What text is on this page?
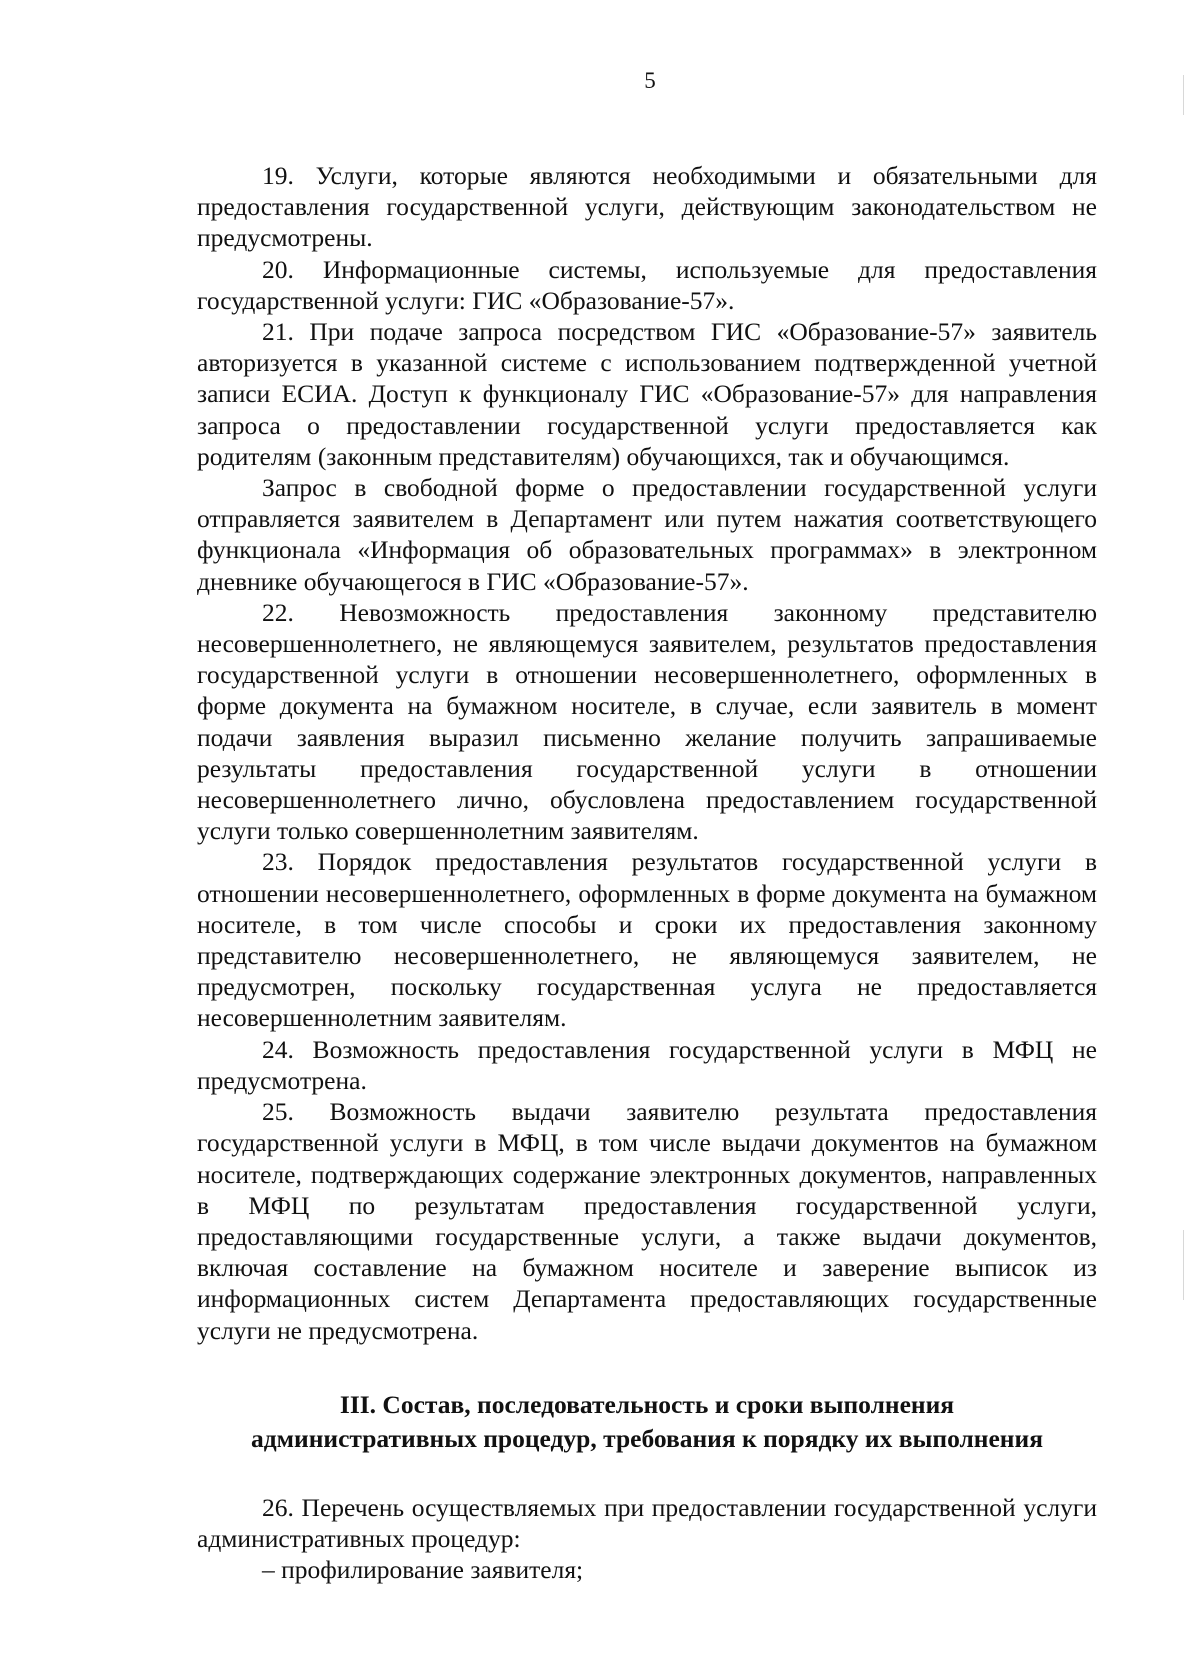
5

19. Услуги, которые являются необходимыми и обязательными для предоставления государственной услуги, действующим законодательством не предусмотрены.

20. Информационные системы, используемые для предоставления государственной услуги: ГИС «Образование-57».

21. При подаче запроса посредством ГИС «Образование-57» заявитель авторизуется в указанной системе с использованием подтвержденной учетной записи ЕСИА. Доступ к функционалу ГИС «Образование-57» для направления запроса о предоставлении государственной услуги предоставляется как родителям (законным представителям) обучающихся, так и обучающимся.

Запрос в свободной форме о предоставлении государственной услуги отправляется заявителем в Департамент или путем нажатия соответствующего функционала «Информация об образовательных программах» в электронном дневнике обучающегося в ГИС «Образование-57».

22. Невозможность предоставления законному представителю несовершеннолетнего, не являющемуся заявителем, результатов предоставления государственной услуги в отношении несовершеннолетнего, оформленных в форме документа на бумажном носителе, в случае, если заявитель в момент подачи заявления выразил письменно желание получить запрашиваемые результаты предоставления государственной услуги в отношении несовершеннолетнего лично, обусловлена предоставлением государственной услуги только совершеннолетним заявителям.

23. Порядок предоставления результатов государственной услуги в отношении несовершеннолетнего, оформленных в форме документа на бумажном носителе, в том числе способы и сроки их предоставления законному представителю несовершеннолетнего, не являющемуся заявителем, не предусмотрен, поскольку государственная услуга не предоставляется несовершеннолетним заявителям.

24. Возможность предоставления государственной услуги в МФЦ не предусмотрена.

25. Возможность выдачи заявителю результата предоставления государственной услуги в МФЦ, в том числе выдачи документов на бумажном носителе, подтверждающих содержание электронных документов, направленных в МФЦ по результатам предоставления государственной услуги, предоставляющими государственные услуги, а также выдачи документов, включая составление на бумажном носителе и заверение выписок из информационных систем Департамента предоставляющих государственные услуги не предусмотрена.

III. Состав, последовательность и сроки выполнения
административных процедур, требования к порядку их выполнения

26. Перечень осуществляемых при предоставлении государственной услуги административных процедур:

– профилирование заявителя;
